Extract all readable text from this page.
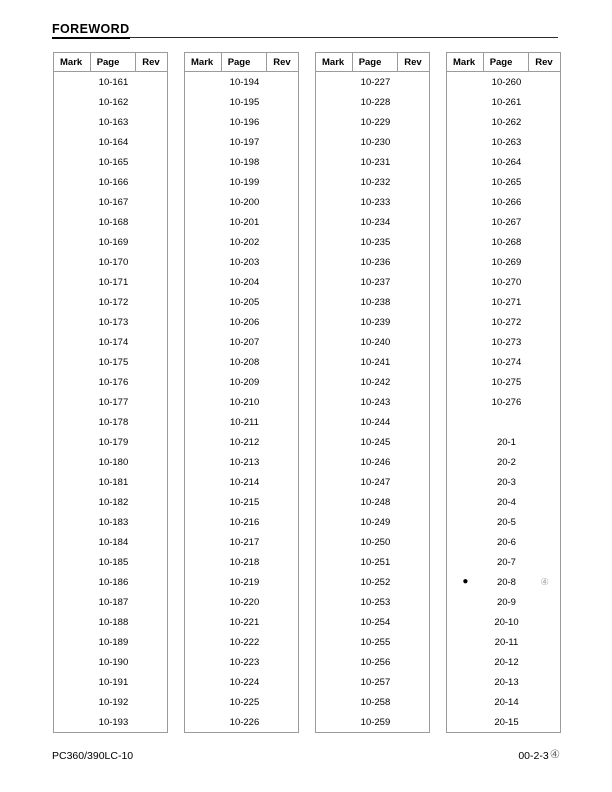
FOREWORD
Mark	Page	Rev
10-161
10-162
10-163
10-164
10-165
10-166
10-167
10-168
10-169
10-170
10-171
10-172
10-173
10-174
10-175
10-176
10-177
10-178
10-179
10-180
10-181
10-182
10-183
10-184
10-185
10-186
10-187
10-188
10-189
10-190
10-191
10-192
10-193
Mark	Page	Rev
10-194
10-195
10-196
10-197
10-198
10-199
10-200
10-201
10-202
10-203
10-204
10-205
10-206
10-207
10-208
10-209
10-210
10-211
10-212
10-213
10-214
10-215
10-216
10-217
10-218
10-219
10-220
10-221
10-222
10-223
10-224
10-225
10-226
Mark	Page	Rev
10-227
10-228
10-229
10-230
10-231
10-232
10-233
10-234
10-235
10-236
10-237
10-238
10-239
10-240
10-241
10-242
10-243
10-244
10-245
10-246
10-247
10-248
10-249
10-250
10-251
10-252
10-253
10-254
10-255
10-256
10-257
10-258
10-259
Mark	Page	Rev
10-260
10-261
10-262
10-263
10-264
10-265
10-266
10-267
10-268
10-269
10-270
10-271
10-272
10-273
10-274
10-275
10-276
20-1
20-2
20-3
20-4
20-5
20-6
20-7
●	20-8	④
20-9
20-10
20-11
20-12
20-13
20-14
20-15
PC360/390LC-10	00-2-3 ④
